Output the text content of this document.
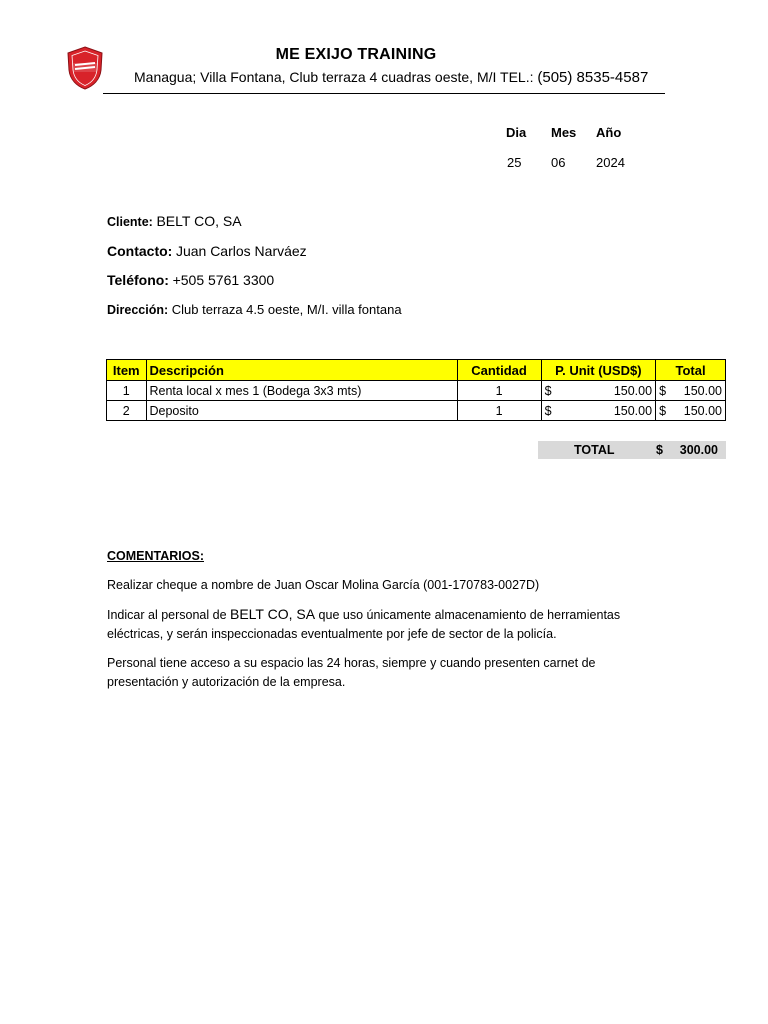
ME EXIJO TRAINING
Managua; Villa Fontana, Club terraza 4 cuadras oeste, M/I TEL.: (505) 8535-4587
Dia Mes Año
25 06 2024
Cliente: BELT CO, SA
Contacto: Juan Carlos Narváez
Teléfono: +505 5761 3300
Dirección: Club terraza 4.5 oeste, M/I. villa fontana
Item	Descripción	Cantidad	P. Unit (USD$)	Total
1	Renta local x mes 1 (Bodega 3x3 mts)	1	$ 150.00	$ 150.00

2	Deposito	1	$ 150.00	$ 150.00
TOTAL	$ 300.00
COMENTARIOS:
Realizar cheque a nombre de Juan Oscar Molina García (001-170783-0027D)
Indicar al personal de BELT CO, SA que uso únicamente almacenamiento de herramientas eléctricas, y serán inspeccionadas eventualmente por jefe de sector de la policía.
Personal tiene acceso a su espacio las 24 horas, siempre y cuando presenten carnet de presentación y autorización de la empresa.
